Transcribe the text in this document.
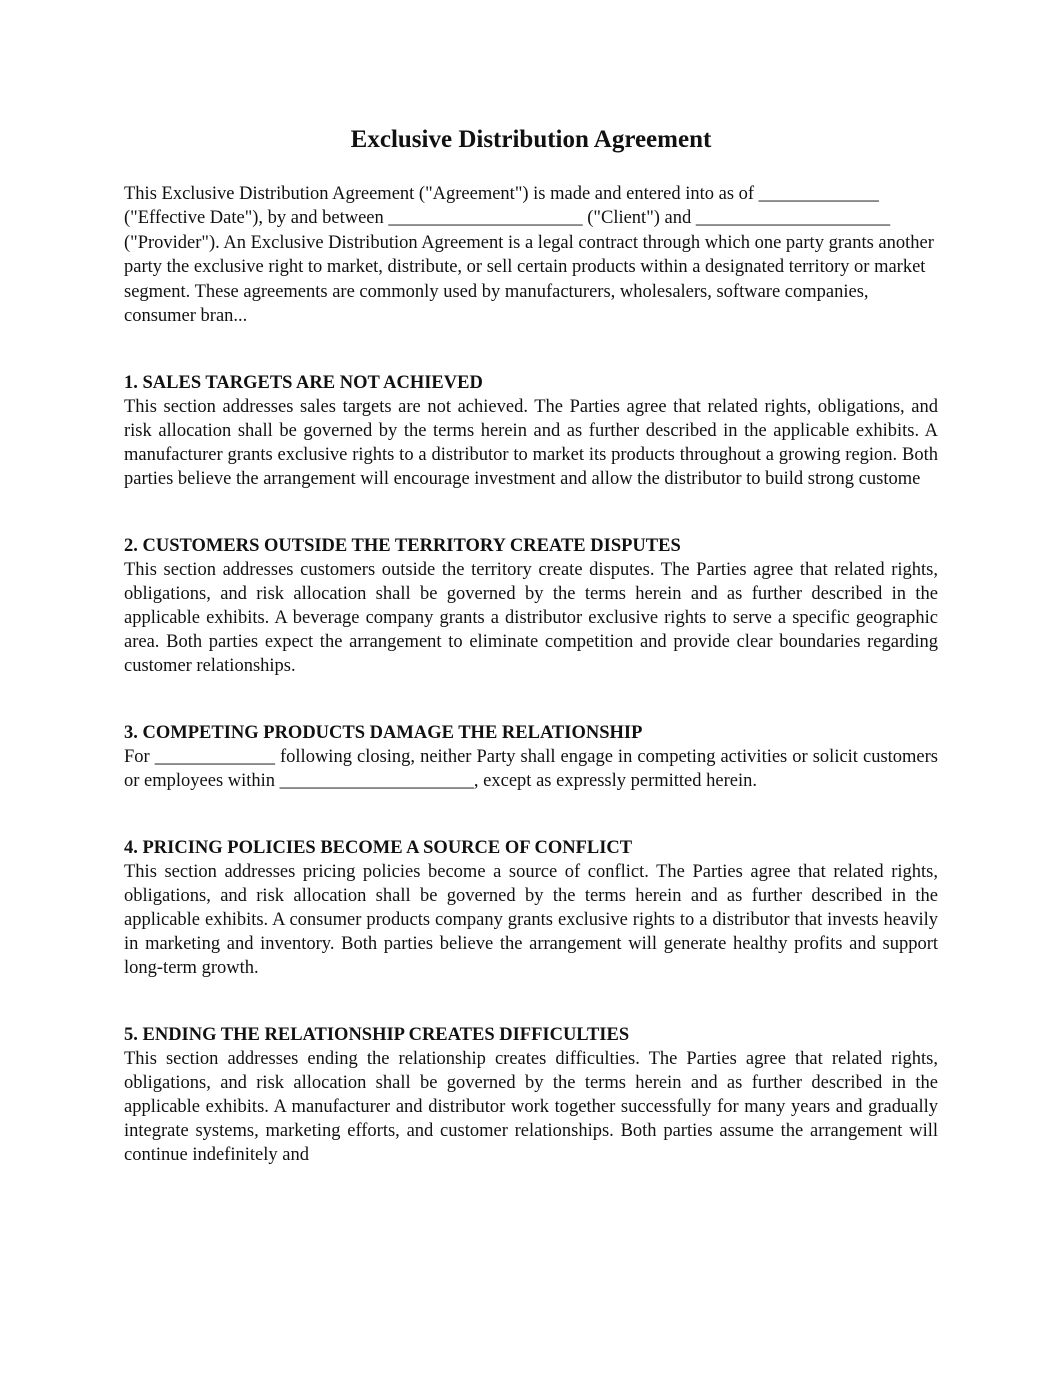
Exclusive Distribution Agreement

This Exclusive Distribution Agreement ("Agreement") is made and entered into as of _____________ ("Effective Date"), by and between _____________________ ("Client") and _____________________ ("Provider"). An Exclusive Distribution Agreement is a legal contract through which one party grants another party the exclusive right to market, distribute, or sell certain products within a designated territory or market segment. These agreements are commonly used by manufacturers, wholesalers, software companies, consumer bran...

1. SALES TARGETS ARE NOT ACHIEVED

This section addresses sales targets are not achieved. The Parties agree that related rights, obligations, and risk allocation shall be governed by the terms herein and as further described in the applicable exhibits. A manufacturer grants exclusive rights to a distributor to market its products throughout a growing region. Both parties believe the arrangement will encourage investment and allow the distributor to build strong custome

2. CUSTOMERS OUTSIDE THE TERRITORY CREATE DISPUTES

This section addresses customers outside the territory create disputes. The Parties agree that related rights, obligations, and risk allocation shall be governed by the terms herein and as further described in the applicable exhibits. A beverage company grants a distributor exclusive rights to serve a specific geographic area. Both parties expect the arrangement to eliminate competition and provide clear boundaries regarding customer relationships.

3. COMPETING PRODUCTS DAMAGE THE RELATIONSHIP

For _____________ following closing, neither Party shall engage in competing activities or solicit customers or employees within _____________________, except as expressly permitted herein.

4. PRICING POLICIES BECOME A SOURCE OF CONFLICT

This section addresses pricing policies become a source of conflict. The Parties agree that related rights, obligations, and risk allocation shall be governed by the terms herein and as further described in the applicable exhibits. A consumer products company grants exclusive rights to a distributor that invests heavily in marketing and inventory. Both parties believe the arrangement will generate healthy profits and support long-term growth.

5. ENDING THE RELATIONSHIP CREATES DIFFICULTIES

This section addresses ending the relationship creates difficulties. The Parties agree that related rights, obligations, and risk allocation shall be governed by the terms herein and as further described in the applicable exhibits. A manufacturer and distributor work together successfully for many years and gradually integrate systems, marketing efforts, and customer relationships. Both parties assume the arrangement will continue indefinitely and
